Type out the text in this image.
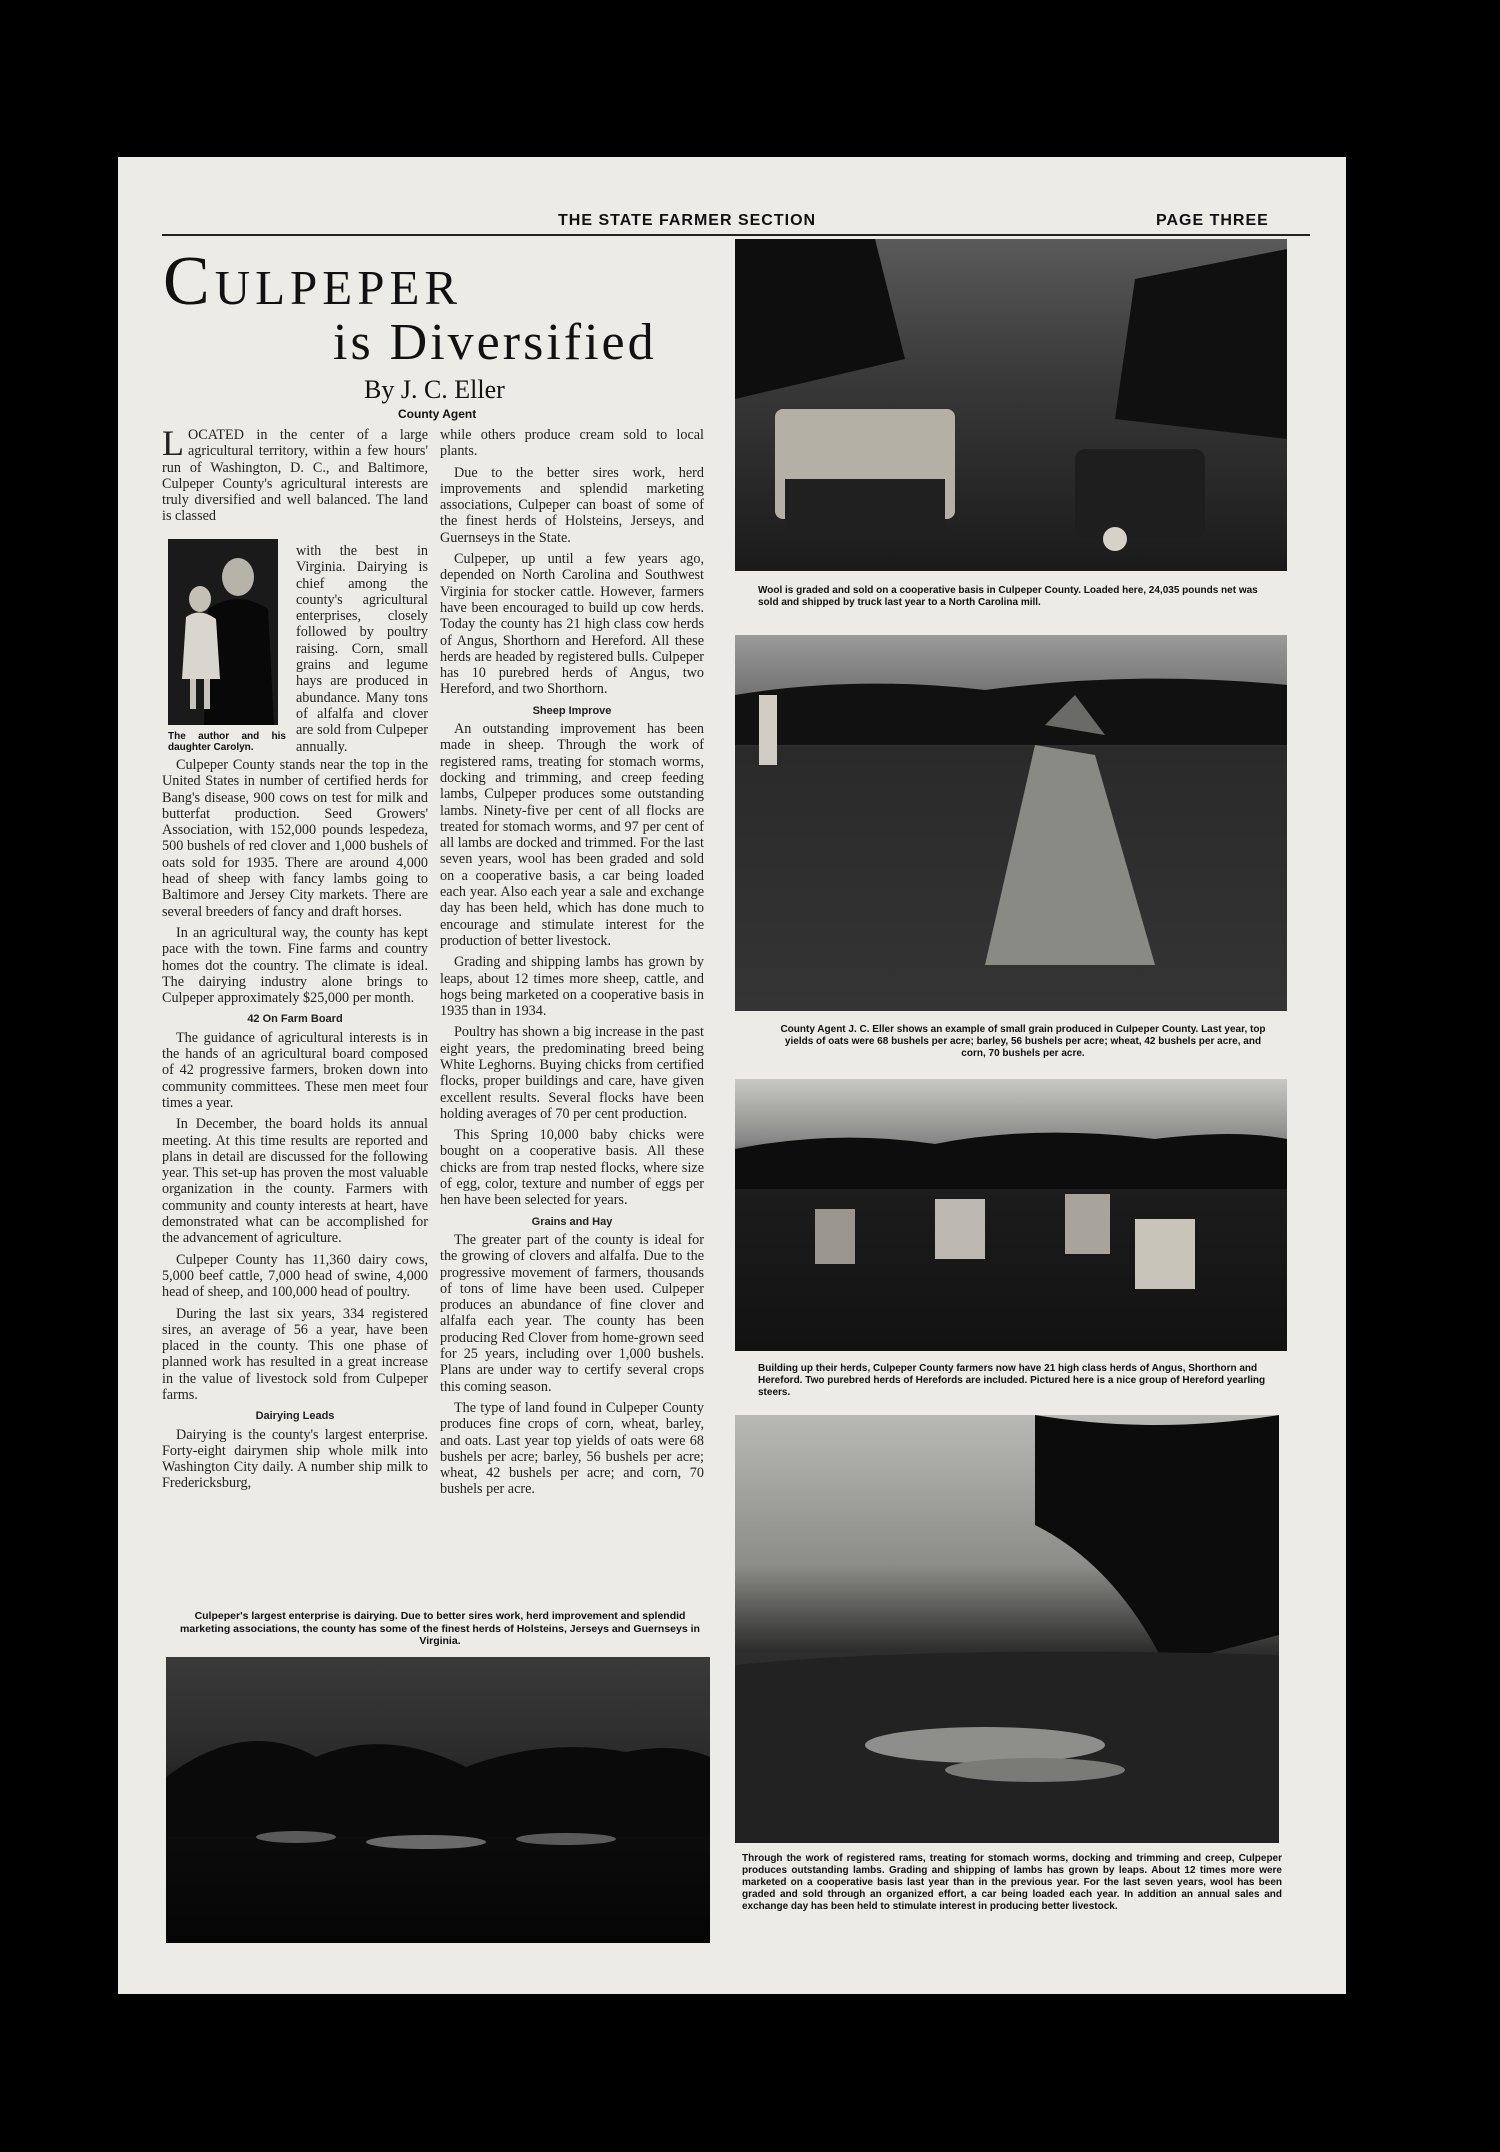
THE STATE FARMER SECTION	PAGE THREE
Culpeper
is Diversified
By J. C. Eller
County Agent
The author and his daughter Carolyn.

LOCATED in the center of a large agricultural territory, within a few hours' run of Washington, D. C., and Baltimore, Culpeper County's agricultural interests are truly diversified and well balanced. The land is classed

with the best in Virginia. Dairying is chief among the county's agricultural enterprises, closely followed by poultry raising. Corn, small grains and legume hays are produced in abundance. Many tons of alfalfa and clover are sold from Culpeper annually.

Culpeper County stands near the top in the United States in number of certified herds for Bang's disease, 900 cows on test for milk and butterfat production. Seed Growers' Association, with 152,000 pounds lespedeza, 500 bushels of red clover and 1,000 bushels of oats sold for 1935. There are around 4,000 head of sheep with fancy lambs going to Baltimore and Jersey City markets. There are several breeders of fancy and draft horses.

In an agricultural way, the county has kept pace with the town. Fine farms and country homes dot the country. The climate is ideal. The dairying industry alone brings to Culpeper approximately $25,000 per month.

42 On Farm Board

The guidance of agricultural interests is in the hands of an agricultural board composed of 42 progressive farmers, broken down into community committees. These men meet four times a year.

In December, the board holds its annual meeting. At this time results are reported and plans in detail are discussed for the following year. This set-up has proven the most valuable organization in the county. Farmers with community and county interests at heart, have demonstrated what can be accomplished for the advancement of agriculture.

Culpeper County has 11,360 dairy cows, 5,000 beef cattle, 7,000 head of swine, 4,000 head of sheep, and 100,000 head of poultry.

During the last six years, 334 registered sires, an average of 56 a year, have been placed in the county. This one phase of planned work has resulted in a great increase in the value of livestock sold from Culpeper farms.

Dairying Leads

Dairying is the county's largest enterprise. Forty-eight dairymen ship whole milk into Washington City daily. A number ship milk to Fredericksburg,

while others produce cream sold to local plants.

Due to the better sires work, herd improvements and splendid marketing associations, Culpeper can boast of some of the finest herds of Holsteins, Jerseys, and Guernseys in the State.

Culpeper, up until a few years ago, depended on North Carolina and Southwest Virginia for stocker cattle. However, farmers have been encouraged to build up cow herds. Today the county has 21 high class cow herds of Angus, Shorthorn and Hereford. All these herds are headed by registered bulls. Culpeper has 10 purebred herds of Angus, two Hereford, and two Shorthorn.

Sheep Improve

An outstanding improvement has been made in sheep. Through the work of registered rams, treating for stomach worms, docking and trimming, and creep feeding lambs, Culpeper produces some outstanding lambs. Ninety-five per cent of all flocks are treated for stomach worms, and 97 per cent of all lambs are docked and trimmed. For the last seven years, wool has been graded and sold on a cooperative basis, a car being loaded each year. Also each year a sale and exchange day has been held, which has done much to encourage and stimulate interest for the production of better livestock.

Grading and shipping lambs has grown by leaps, about 12 times more sheep, cattle, and hogs being marketed on a cooperative basis in 1935 than in 1934.

Poultry has shown a big increase in the past eight years, the predominating breed being White Leghorns. Buying chicks from certified flocks, proper buildings and care, have given excellent results. Several flocks have been holding averages of 70 per cent production.

This Spring 10,000 baby chicks were bought on a cooperative basis. All these chicks are from trap nested flocks, where size of egg, color, texture and number of eggs per hen have been selected for years.

Grains and Hay

The greater part of the county is ideal for the growing of clovers and alfalfa. Due to the progressive movement of farmers, thousands of tons of lime have been used. Culpeper produces an abundance of fine clover and alfalfa each year. The county has been producing Red Clover from home-grown seed for 25 years, including over 1,000 bushels. Plans are under way to certify several crops this coming season.

The type of land found in Culpeper County produces fine crops of corn, wheat, barley, and oats. Last year top yields of oats were 68 bushels per acre; barley, 56 bushels per acre; wheat, 42 bushels per acre; and corn, 70 bushels per acre.

Culpeper's largest enterprise is dairying. Due to better sires work, herd improvement and splendid marketing associations, the county has some of the finest herds of Holsteins, Jerseys and Guernseys in Virginia.
Wool is graded and sold on a cooperative basis in Culpeper County. Loaded here, 24,035 pounds net was sold and shipped by truck last year to a North Carolina mill.
County Agent J. C. Eller shows an example of small grain produced in Culpeper County. Last year, top yields of oats were 68 bushels per acre; barley, 56 bushels per acre; wheat, 42 bushels per acre, and corn, 70 bushels per acre.
Building up their herds, Culpeper County farmers now have 21 high class herds of Angus, Shorthorn and Hereford. Two purebred herds of Herefords are included. Pictured here is a nice group of Hereford yearling steers.
Through the work of registered rams, treating for stomach worms, docking and trimming and creep, Culpeper produces outstanding lambs. Grading and shipping of lambs has grown by leaps. About 12 times more were marketed on a cooperative basis last year than in the previous year. For the last seven years, wool has been graded and sold through an organized effort, a car being loaded each year. In addition an annual sales and exchange day has been held to stimulate interest in producing better livestock.
